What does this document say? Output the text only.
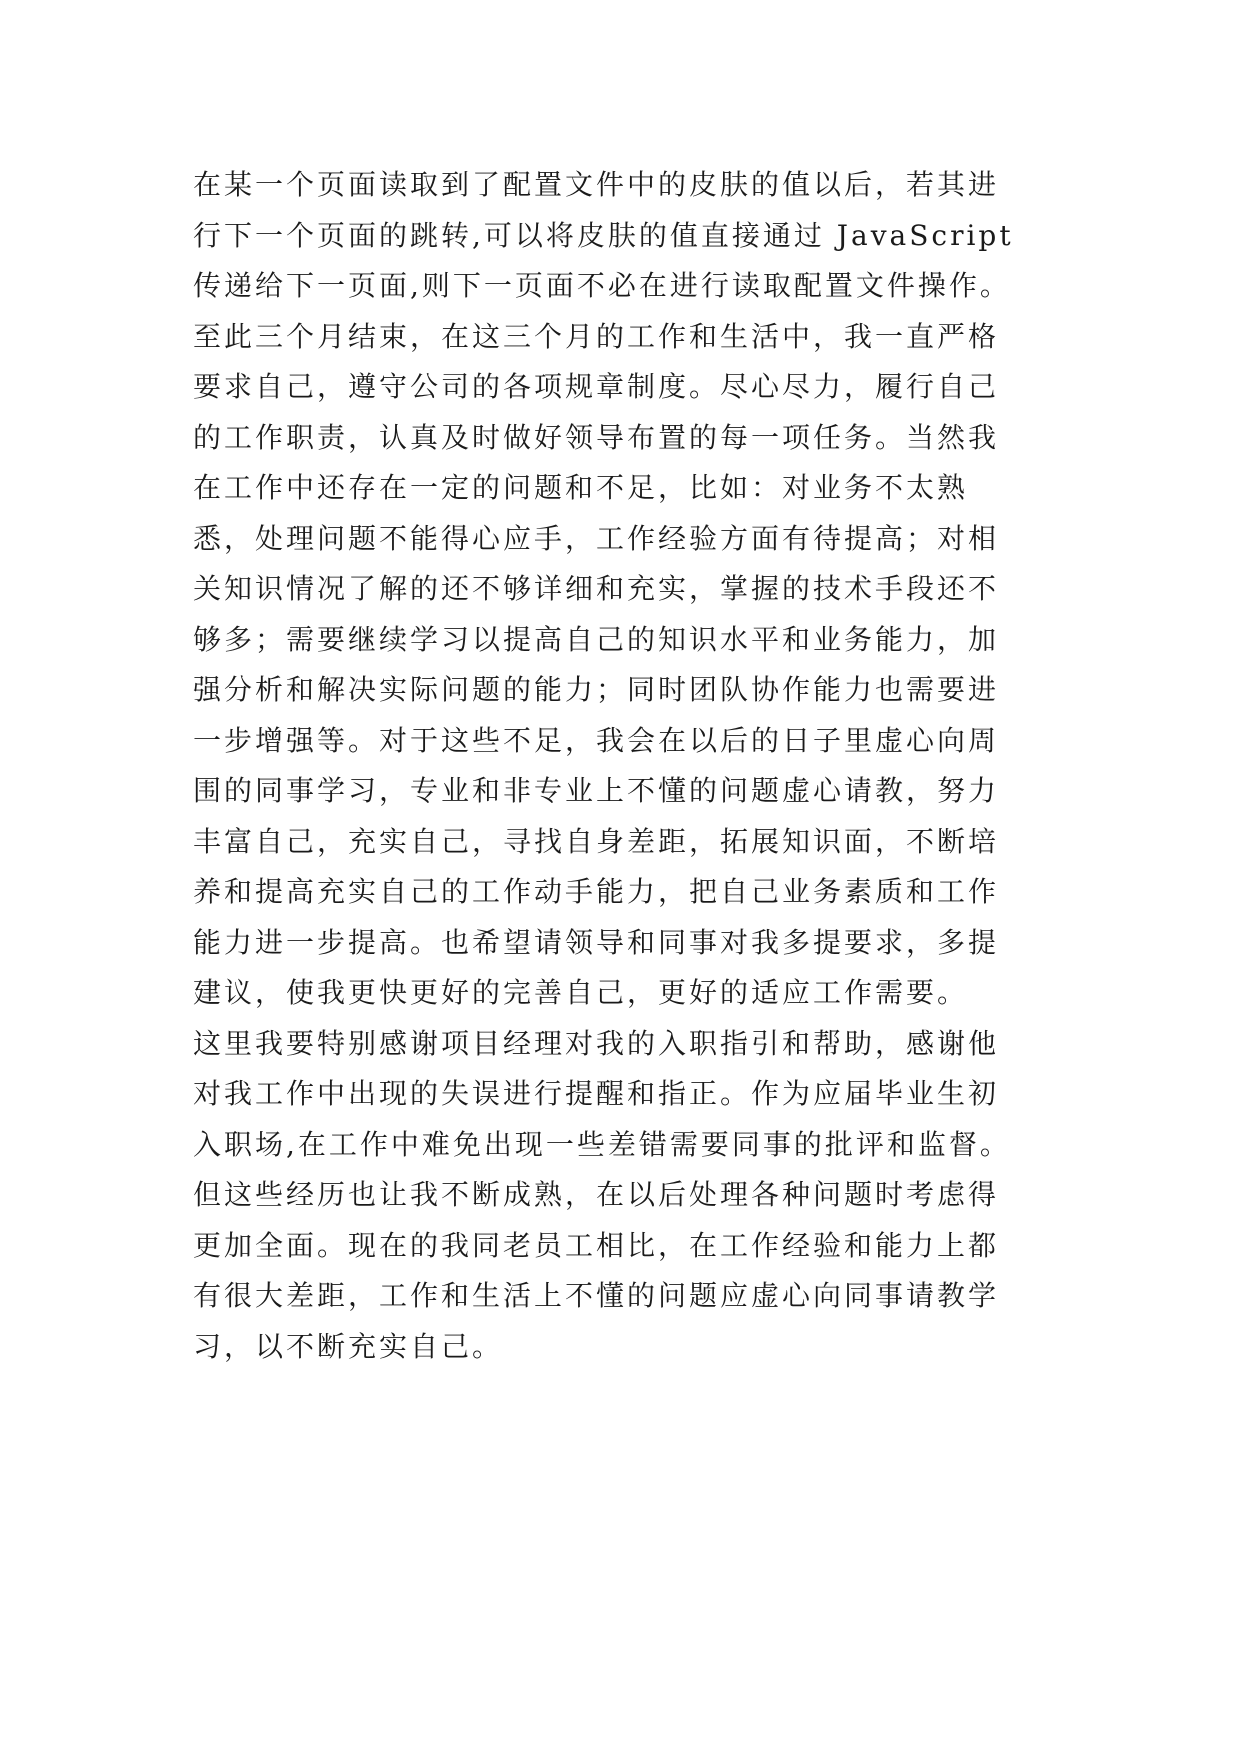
在某一个页面读取到了配置文件中的皮肤的值以后，若其进
行下一个页面的跳转,可以将皮肤的值直接通过 JavaScript
传递给下一页面,则下一页面不必在进行读取配置文件操作。
至此三个月结束，在这三个月的工作和生活中，我一直严格
要求自己，遵守公司的各项规章制度。尽心尽力，履行自己
的工作职责，认真及时做好领导布置的每一项任务。当然我
在工作中还存在一定的问题和不足，比如：对业务不太熟
悉，处理问题不能得心应手，工作经验方面有待提高；对相
关知识情况了解的还不够详细和充实，掌握的技术手段还不
够多；需要继续学习以提高自己的知识水平和业务能力，加
强分析和解决实际问题的能力；同时团队协作能力也需要进
一步增强等。对于这些不足，我会在以后的日子里虚心向周
围的同事学习，专业和非专业上不懂的问题虚心请教，努力
丰富自己，充实自己，寻找自身差距，拓展知识面，不断培
养和提高充实自己的工作动手能力，把自己业务素质和工作
能力进一步提高。也希望请领导和同事对我多提要求，多提
建议，使我更快更好的完善自己，更好的适应工作需要。
这里我要特别感谢项目经理对我的入职指引和帮助，感谢他
对我工作中出现的失误进行提醒和指正。作为应届毕业生初
入职场,在工作中难免出现一些差错需要同事的批评和监督。
但这些经历也让我不断成熟，在以后处理各种问题时考虑得
更加全面。现在的我同老员工相比，在工作经验和能力上都
有很大差距，工作和生活上不懂的问题应虚心向同事请教学
习，以不断充实自己。
